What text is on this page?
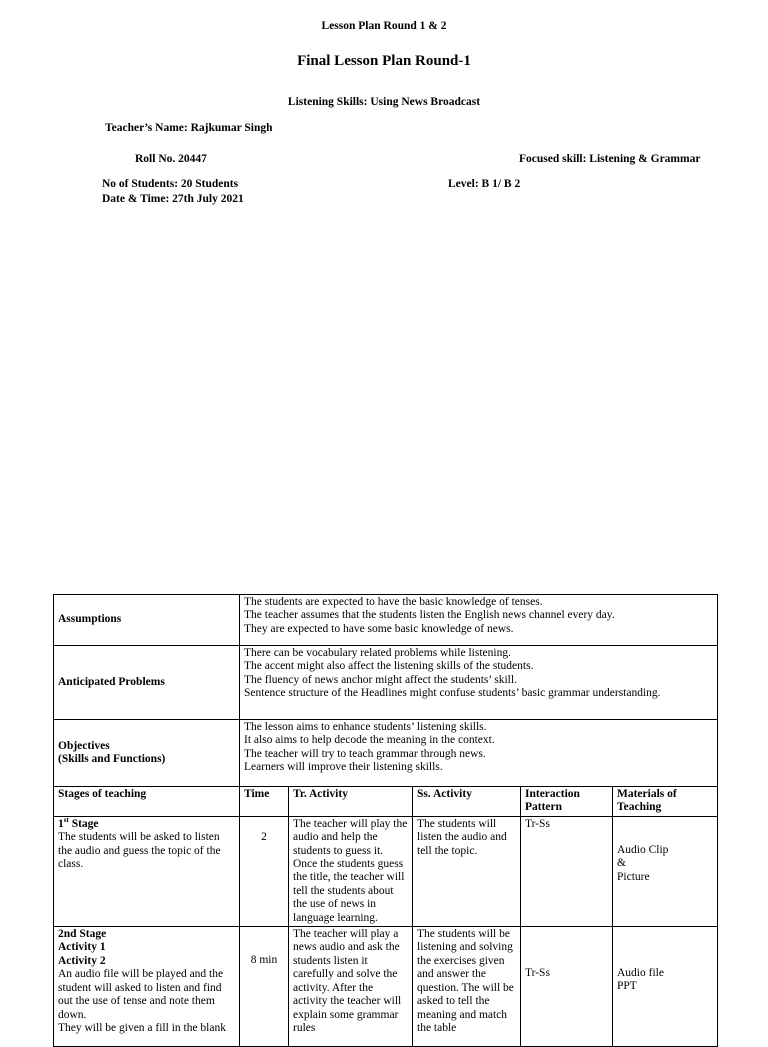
Lesson Plan Round 1 & 2
Final Lesson Plan Round-1
Listening Skills: Using News Broadcast
Teacher’s Name: Rajkumar Singh
Roll No. 20447	Focused skill: Listening & Grammar
No of Students: 20 Students	Level: B 1/ B 2
Date & Time: 27th July 2021
Assumptions	The students are expected to have the basic knowledge of tenses.
The teacher assumes that the students listen the English news channel every day.
They are expected to have some basic knowledge of news.				

Anticipated Problems	There can be vocabulary related problems while listening.
The accent might also affect the listening skills of the students.
The fluency of news anchor might affect the students’ skill.
Sentence structure of the Headlines might confuse students’ basic grammar understanding.				

Objectives
(Skills and Functions)	The lesson aims to enhance students’ listening skills.
It also aims to help decode the meaning in the context.
The teacher will try to teach grammar through news.
Learners will improve their listening skills.				

Stages of teaching	Time	Tr. Activity	Ss. Activity	Interaction
Pattern	Materials of
Teaching

1st Stage
The students will be asked to listen the audio and guess the topic of the class.	2	The teacher will play the audio and help the students to guess it. Once the students guess the title, the teacher will tell the students about the use of news in language learning.	The students will listen the audio and tell the topic.	Tr-Ss	Audio Clip
&
Picture

2nd Stage
Activity 1
Activity 2
An audio file will be played and the student will asked to listen and find out the use of tense and note them down.
They will be given a fill in the blank	8 min	The teacher will play a news audio and ask the students listen it carefully and solve the activity. After the activity the teacher will explain some grammar rules	The students will be listening and solving the exercises given and answer the question. The will be asked to tell the meaning and match the table	Tr-Ss	Audio file
PPT
